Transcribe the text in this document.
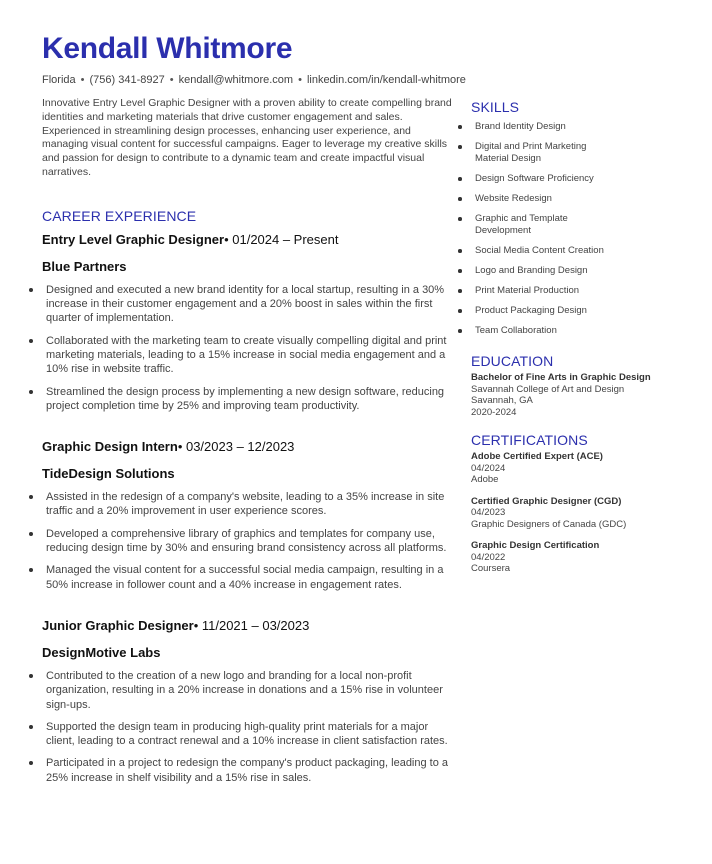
Kendall Whitmore

Florida • (756) 341-8927 • kendall@whitmore.com • linkedin.com/in/kendall-whitmore

Innovative Entry Level Graphic Designer with a proven ability to create compelling brand identities and marketing materials that drive customer engagement and sales. Experienced in streamlining design processes, enhancing user experience, and managing visual content for successful campaigns. Eager to leverage my creative skills and passion for design to contribute to a dynamic team and create impactful visual narratives.

CAREER EXPERIENCE

Entry Level Graphic Designer• 01/2024 – Present

Blue Partners

Designed and executed a new brand identity for a local startup, resulting in a 30% increase in their customer engagement and a 20% boost in sales within the first quarter of implementation.
Collaborated with the marketing team to create visually compelling digital and print marketing materials, leading to a 15% increase in social media engagement and a 10% rise in website traffic.
Streamlined the design process by implementing a new design software, reducing project completion time by 25% and improving team productivity.

Graphic Design Intern• 03/2023 – 12/2023

TideDesign Solutions

Assisted in the redesign of a company's website, leading to a 35% increase in site traffic and a 20% improvement in user experience scores.
Developed a comprehensive library of graphics and templates for company use, reducing design time by 30% and ensuring brand consistency across all platforms.
Managed the visual content for a successful social media campaign, resulting in a 50% increase in follower count and a 40% increase in engagement rates.

Junior Graphic Designer• 11/2021 – 03/2023

DesignMotive Labs

Contributed to the creation of a new logo and branding for a local non-profit organization, resulting in a 20% increase in donations and a 15% rise in volunteer sign-ups.
Supported the design team in producing high-quality print materials for a major client, leading to a contract renewal and a 10% increase in client satisfaction rates.
Participated in a project to redesign the company's product packaging, leading to a 25% increase in shelf visibility and a 15% rise in sales.
SKILLS
Brand Identity Design
Digital and Print Marketing Material Design
Design Software Proficiency
Website Redesign
Graphic and Template Development
Social Media Content Creation
Logo and Branding Design
Print Material Production
Product Packaging Design
Team Collaboration
EDUCATION
Bachelor of Fine Arts in Graphic Design
Savannah College of Art and Design
Savannah, GA
2020-2024
CERTIFICATIONS
Adobe Certified Expert (ACE)
04/2024
Adobe
Certified Graphic Designer (CGD)
04/2023
Graphic Designers of Canada (GDC)
Graphic Design Certification
04/2022
Coursera
